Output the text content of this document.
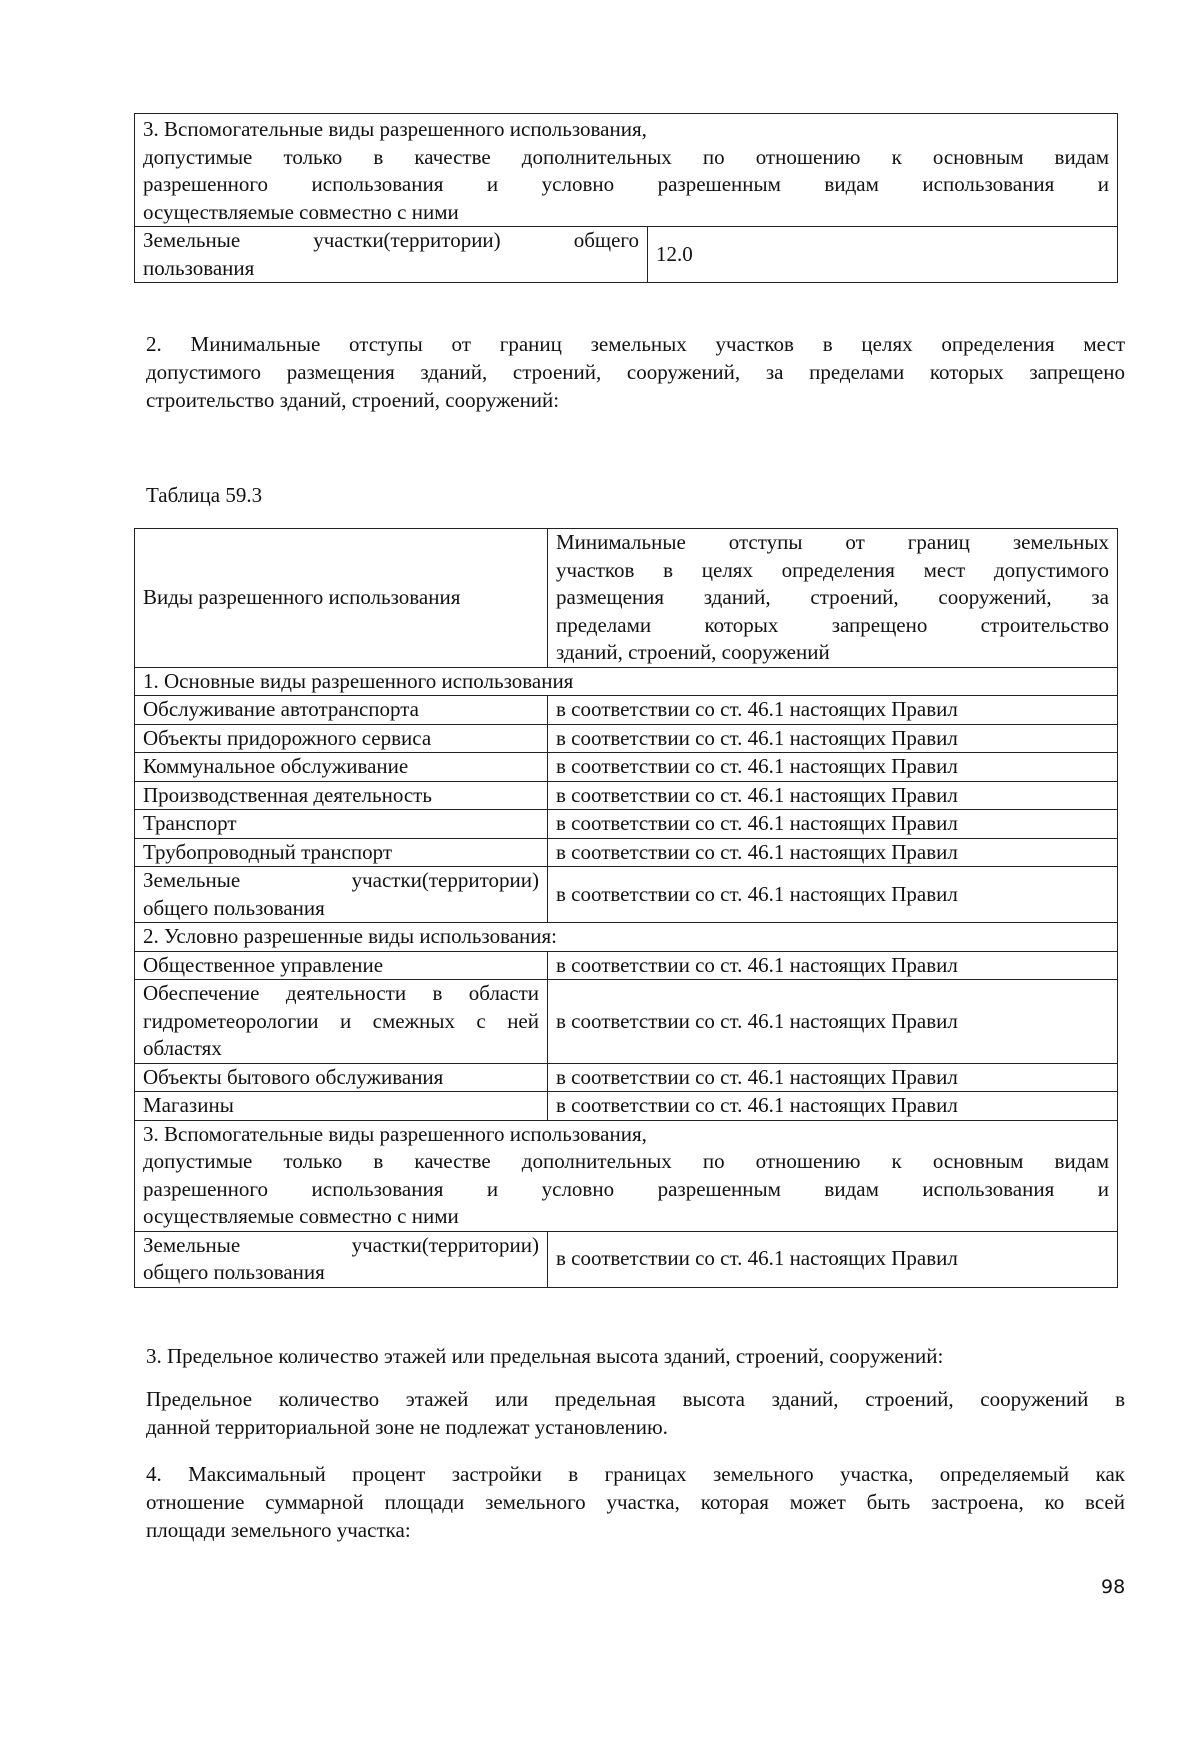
3. Вспомогательные виды разрешенного использования,
допустимые только в качестве дополнительных по отношению к основным видам
разрешенного использования и условно разрешенным видам использования и
осуществляемые совместно с ними

Земельные участки(территории) общего
пользования
	12.0
2. Минимальные отступы от границ земельных участков в целях определения мест
допустимого размещения зданий, строений, сооружений, за пределами которых запрещено
строительство зданий, строений, сооружений:
Таблица 59.3
Виды разрешенного использования	Минимальные отступы от границ земельных
участков в целях определения мест допустимого
размещения зданий, строений, сооружений, за
пределами которых запрещено строительство
зданий, строений, сооружений

1. Основные виды разрешенного использования	
Обслуживание автотранспорта	в соответствии со ст. 46.1 настоящих Правил
Объекты придорожного сервиса	в соответствии со ст. 46.1 настоящих Правил
Коммунальное обслуживание	в соответствии со ст. 46.1 настоящих Правил
Производственная деятельность	в соответствии со ст. 46.1 настоящих Правил
Транспорт	в соответствии со ст. 46.1 настоящих Правил
Трубопроводный транспорт	в соответствии со ст. 46.1 настоящих Правил

Земельные участки(территории)
общего пользования	в соответствии со ст. 46.1 настоящих Правил
2. Условно разрешенные виды использования:	
Общественное управление	в соответствии со ст. 46.1 настоящих Правил

Обеспечение деятельности в области
гидрометеорологии и смежных с ней
областях	в соответствии со ст. 46.1 настоящих Правил
Объекты бытового обслуживания	в соответствии со ст. 46.1 настоящих Правил
Магазины	в соответствии со ст. 46.1 настоящих Правил

3. Вспомогательные виды разрешенного использования,
допустимые только в качестве дополнительных по отношению к основным видам
разрешенного использования и условно разрешенным видам использования и
осуществляемые совместно с ними	

Земельные участки(территории)
общего пользования	в соответствии со ст. 46.1 настоящих Правил
3. Предельное количество этажей или предельная высота зданий, строений, сооружений:
Предельное количество этажей или предельная высота зданий, строений, сооружений в
данной территориальной зоне не подлежат установлению.
4. Максимальный процент застройки в границах земельного участка, определяемый как
отношение суммарной площади земельного участка, которая может быть застроена, ко всей
площади земельного участка:
98
